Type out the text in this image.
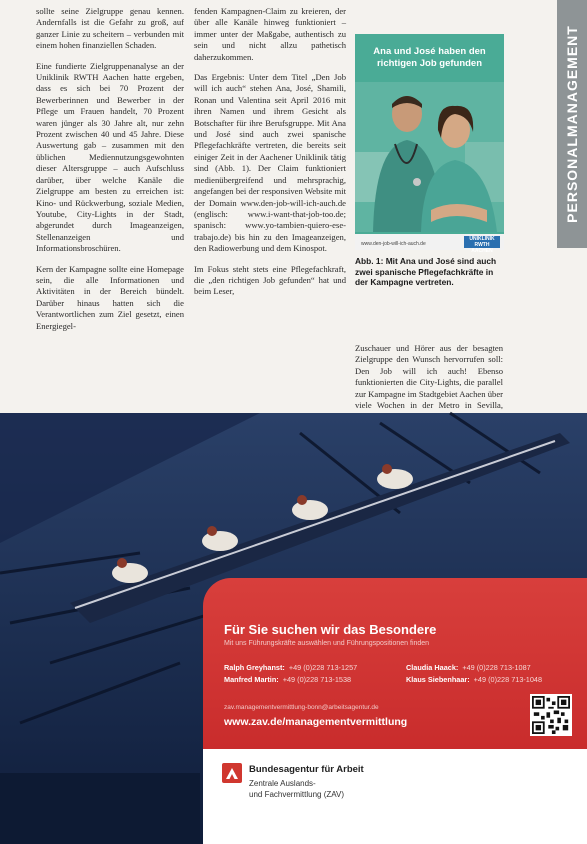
PERSONALMANAGEMENT

sollte seine Zielgruppe genau kennen. Andernfalls ist die Gefahr zu groß, auf ganzer Linie zu scheitern – verbunden mit einem hohen finanziellen Schaden.

Eine fundierte Zielgruppenanalyse an der Uniklinik RWTH Aachen hatte ergeben, dass es sich bei 70 Prozent der Bewerberinnen und Bewerber in der Pflege um Frauen handelt, 70 Prozent waren jünger als 30 Jahre alt, nur zehn Prozent zwischen 40 und 45 Jahre. Diese Auswertung gab – zusammen mit den üblichen Mediennutzungsgewohnten dieser Altersgruppe – auch Aufschluss darüber, über welche Kanäle die Zielgruppe am besten zu erreichen ist: Kino- und Rückwerbung, soziale Medien, Youtube, City-Lights in der Stadt, abgerundet durch Imageanzeigen, Stellenanzeigen und Informationsbroschüren.

Kern der Kampagne sollte eine Homepage sein, die alle Informationen und Aktivitäten in der Bereich bündelt. Darüber hinaus hatten sich die Verantwortlichen zum Ziel gesetzt, einen Energiegel-

fenden Kampagnen-Claim zu kreieren, der über alle Kanäle hinweg funktioniert – immer unter der Maßgabe, authentisch zu sein und nicht allzu pathetisch daherzukommen.

Das Ergebnis: Unter dem Titel „Den Job will ich auch“ stehen Ana, José, Shamili, Ronan und Valentina seit April 2016 mit ihren Namen und ihrem Gesicht als Botschafter für ihre Berufsgruppe. Mit Ana und José sind auch zwei spanische Pflegefachkräfte vertreten, die bereits seit einiger Zeit in der Aachener Uniklinik tätig sind (Abb. 1). Der Claim funktioniert medienübergreifend und mehrsprachig, angefangen bei der responsiven Website mit der Domain www.den-job-will-ich-auch.de (englisch: www.i-want-that-job-too.de; spanisch: www.yo-tambien-quiero-ese-trabajo.de) bis hin zu den Imageanzeigen, den Radiowerbung und dem Kinospot.

Im Fokus steht stets eine Pflegefachkraft, die „den richtigen Job gefunden“ hat und beim Leser,

Ana und José haben den richtigen Job gefunden
www.den-job-will-ich-auch.de
UNIKLINIK RWTH AACHEN
Abb. 1: Mit Ana und José sind auch zwei spanische Pflegefachkräfte in der Kampagne vertreten.

Zuschauer und Hörer aus der besagten Zielgruppe den Wunsch hervorrufen soll: Den Job will ich auch! Ebenso funktionierten die City-Lights, die parallel zur Kampagne im Stadtgebiet Aachen über viele Wochen in der Metro in Sevilla,

Für Sie suchen wir das Besondere
Mit uns Führungskräfte auswählen und Führungspositionen finden
Ralph Greyhanst: +49 (0)228 713-1257	Claudia Haack: +49 (0)228 713-1087
Manfred Martin: +49 (0)228 713-1538	Klaus Siebenhaar: +49 (0)228 713-1048
zav.managementvermittlung-bonn@arbeitsagentur.de
www.zav.de/managementvermittlung
Bundesagentur für Arbeit
Zentrale Auslands-
und Fachvermittlung (ZAV)
